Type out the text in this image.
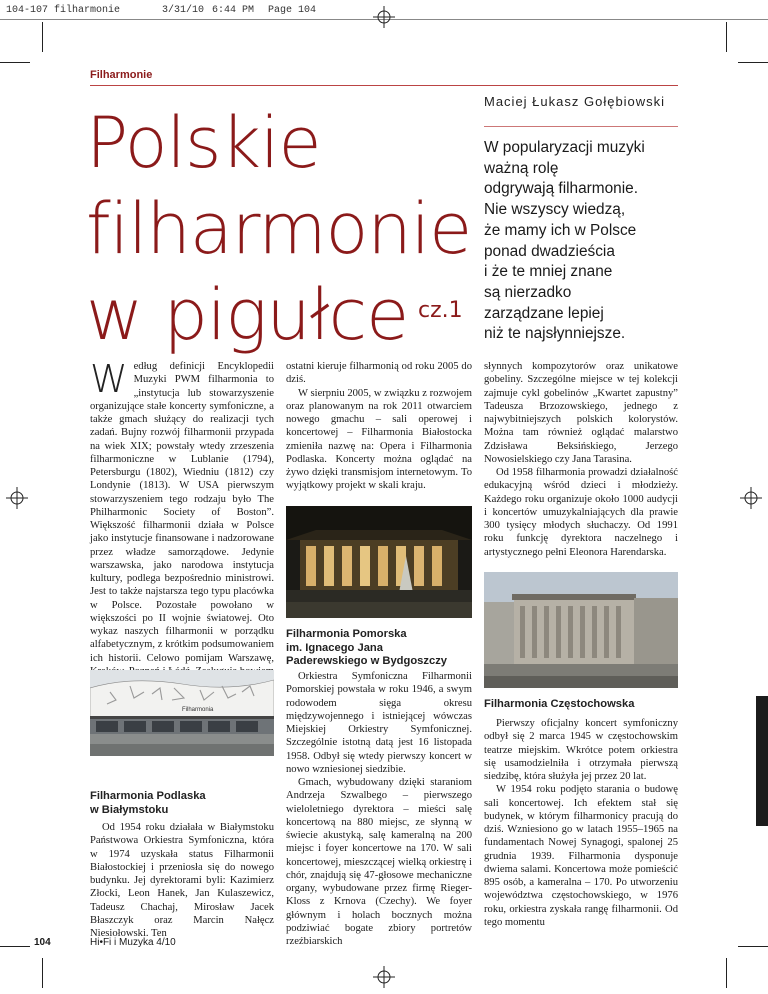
104-107 filharmonie	3/31/10 6:44 PM Page 104
Filharmonie
Polskie
filharmonie
w pigułce cz.1
Maciej Łukasz Gołębiowski
W popularyzacji muzyki
ważną rolę
odgrywają filharmonie.
Nie wszyscy wiedzą,
że mamy ich w Polsce
ponad dwadzieścia
i że te mniej znane
są nierzadko
zarządzane lepiej
niż te najsłynniejsze.

Według definicji Encyklopedii Muzyki PWM filharmonia to „instytucja lub stowarzyszenie organizujące stałe koncerty symfoniczne, a także gmach służący do realizacji tych zadań. Bujny rozwój filharmonii przypada na wiek XIX; powstały wtedy zrzeszenia filharmoniczne w Lublanie (1794), Petersburgu (1802), Wiedniu (1812) czy Londynie (1813). W USA pierwszym stowarzyszeniem tego rodzaju było The Philharmonic Society of Boston”. Większość filharmonii działa w Polsce jako instytucje finansowane i nadzorowane przez władze samorządowe. Jedynie warszawska, jako narodowa instytucja kultury, podlega bezpośrednio ministrowi. Jest to także najstarsza tego typu placówka w Polsce. Pozostałe powołano w większości po II wojnie światowej. Oto wykaz naszych filharmonii w porządku alfabetycznym, z krótkim podsumowaniem ich historii. Celowo pomijam Warszawę,

Filharmonia
Filharmonia Podlaska
w Białymstoku

Od 1954 roku działała w Białymstoku Państwowa Orkiestra Symfoniczna, która w 1974 uzyskała status Filharmonii Białostockiej i przeniosła się do nowego budynku. Jej dyrektorami byli: Kazimierz Złocki, Leon Hanek, Jan Kulaszewicz, Tadeusz Chachaj, Mirosław Jacek Błaszczyk oraz Marcin Nałęcz Niesiołowski. Ten

ostatni kieruje filharmonią od roku 2005 do dziś.

W sierpniu 2005, w związku z rozwojem oraz planowanym na rok 2011 otwarciem nowego gmachu – sali operowej i koncertowej – Filharmonia Białostocka zmieniła nazwę na: Opera i Filharmonia Podlaska. Koncerty można oglądać na żywo dzięki transmisjom internetowym. To wyjątkowy projekt w skali kraju.

Filharmonia Pomorska
im. Ignacego Jana
Paderewskiego w Bydgoszczy

Orkiestra Symfoniczna Filharmonii Pomorskiej powstała w roku 1946, a swym rodowodem sięga okresu międzywojennego i istniejącej wówczas Miejskiej Orkiestry Symfonicznej. Szczególnie istotną datą jest 16 listopada 1958. Odbył się wtedy pierwszy koncert w nowo wzniesionej siedzibie.

Gmach, wybudowany dzięki staraniom Andrzeja Szwalbego – pierwszego wieloletniego dyrektora – mieści salę koncertową na 880 miejsc, ze słynną w świecie akustyką, salę kameralną na 200 miejsc i foyer koncertowe na 170. W sali koncertowej, mieszczącej wielką orkiestrę i chór, znajdują się 47-głosowe mechaniczne organy, wybudowane przez firmę Rieger-Kloss z Krnova (Czechy). We foyer głównym i holach bocznych można podziwiać bogate zbiory portretów rzeźbiarskich

słynnych kompozytorów oraz unikatowe gobeliny. Szczególne miejsce w tej kolekcji zajmuje cykl gobelinów „Kwartet zapustny” Tadeusza Brzozowskiego, jednego z najwybitniejszych polskich kolorystów. Można tam również oglądać malarstwo Zdzisława Beksińskiego, Jerzego Nowosielskiego czy Jana Tarasina.

Od 1958 filharmonia prowadzi działalność edukacyjną wśród dzieci i młodzieży. Każdego roku organizuje około 1000 audycji i koncertów umuzykalniających dla prawie 300 tysięcy młodych słuchaczy. Od 1991 roku funkcję dyrektora naczelnego i artystycznego pełni Eleonora Harendarska.

Filharmonia Częstochowska

Pierwszy oficjalny koncert symfoniczny odbył się 2 marca 1945 w częstochowskim teatrze miejskim. Wkrótce potem orkiestra się usamodzielniła i otrzymała pierwszą siedzibę, która służyła jej przez 20 lat.

W 1954 roku podjęto starania o budowę sali koncertowej. Ich efektem stał się budynek, w którym filharmonicy pracują do dziś. Wzniesiono go w latach 1955–1965 na fundamentach Nowej Synagogi, spalonej 25 grudnia 1939. Filharmonia dysponuje dwiema salami. Koncertowa może pomieścić 895 osób, a kameralna – 170. Po utworzeniu województwa częstochowskiego, w 1976 roku, orkiestra zyskała rangę filharmonii. Od tego momentu

104	Hi•Fi i Muzyka 4/10
